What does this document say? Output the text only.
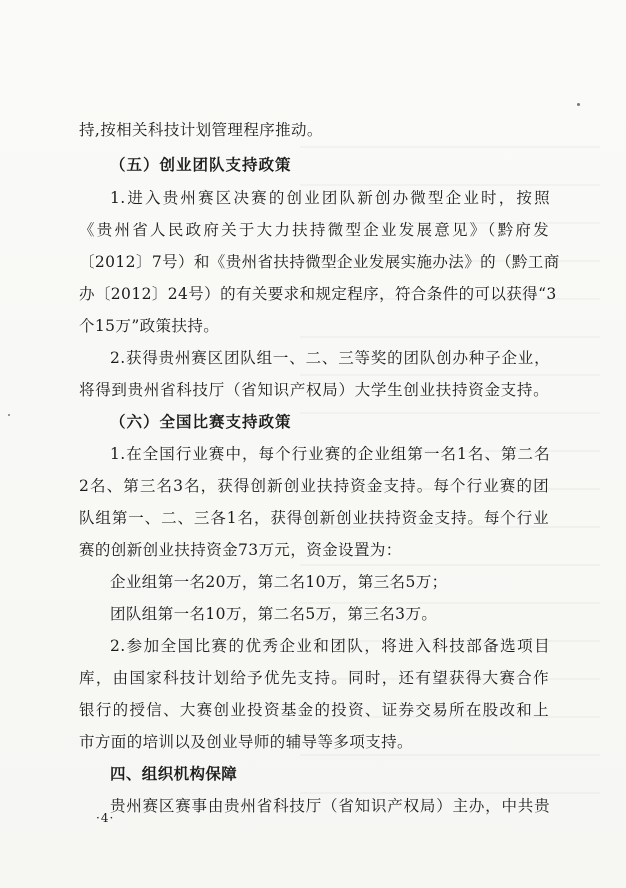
持,按相关科技计划管理程序推动。
（五）创业团队支持政策
1.进入贵州赛区决赛的创业团队新创办微型企业时，按照
《贵州省人民政府关于大力扶持微型企业发展意见》（黔府发
〔2012〕7号）和《贵州省扶持微型企业发展实施办法》的（黔工商
办〔2012〕24号）的有关要求和规定程序，符合条件的可以获得“3
个15万”政策扶持。
2.获得贵州赛区团队组一、二、三等奖的团队创办种子企业，
将得到贵州省科技厅（省知识产权局）大学生创业扶持资金支持。
（六）全国比赛支持政策
1.在全国行业赛中，每个行业赛的企业组第一名1名、第二名
2名、第三名3名，获得创新创业扶持资金支持。每个行业赛的团
队组第一、二、三各1名，获得创新创业扶持资金支持。每个行业
赛的创新创业扶持资金73万元，资金设置为：
企业组第一名20万，第二名10万，第三名5万；
团队组第一名10万，第二名5万，第三名3万。
2.参加全国比赛的优秀企业和团队，将进入科技部备选项目
库，由国家科技计划给予优先支持。同时，还有望获得大赛合作
银行的授信、大赛创业投资基金的投资、证券交易所在股改和上
市方面的培训以及创业导师的辅导等多项支持。
四、组织机构保障
贵州赛区赛事由贵州省科技厅（省知识产权局）主办，中共贵
·4·
